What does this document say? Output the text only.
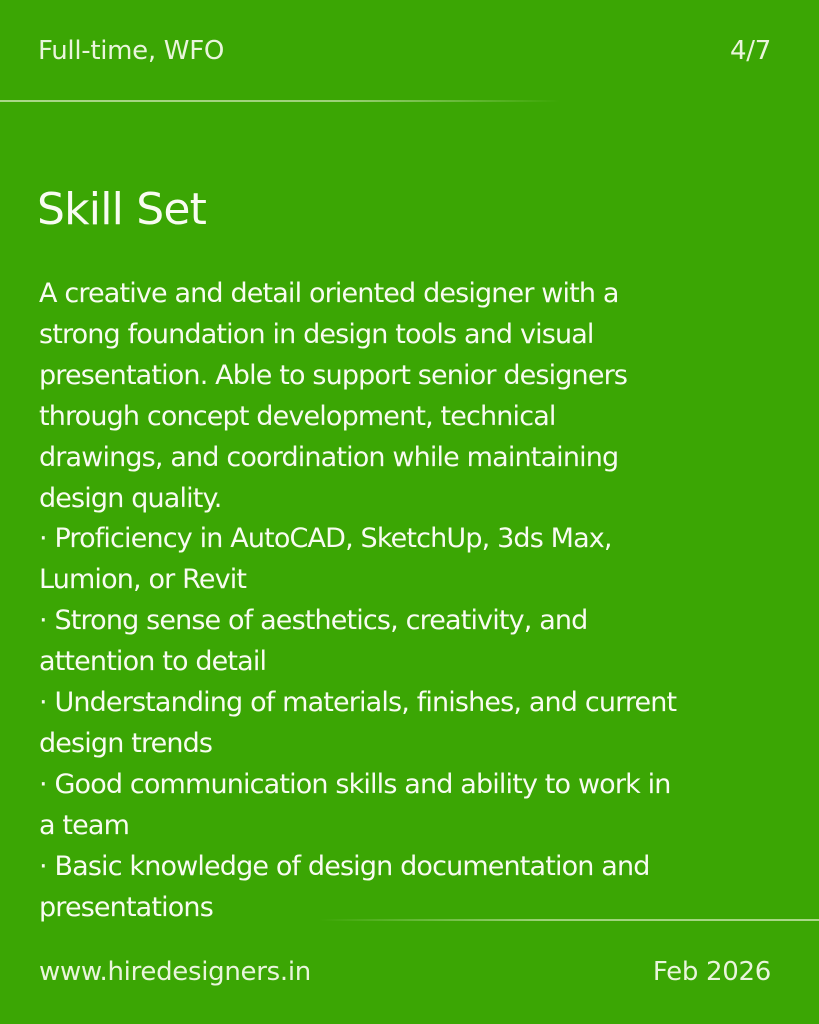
Full-time, WFO	4/7
Skill Set

A creative and detail oriented designer with a

strong foundation in design tools and visual

presentation. Able to support senior designers

through concept development, technical

drawings, and coordination while maintaining

design quality.

· Proficiency in AutoCAD, SketchUp, 3ds Max,
Lumion, or Revit
· Strong sense of aesthetics, creativity, and
attention to detail
· Understanding of materials, finishes, and current
design trends
· Good communication skills and ability to work in
a team
· Basic knowledge of design documentation and
presentations
www.hiredesigners.in	Feb 2026
